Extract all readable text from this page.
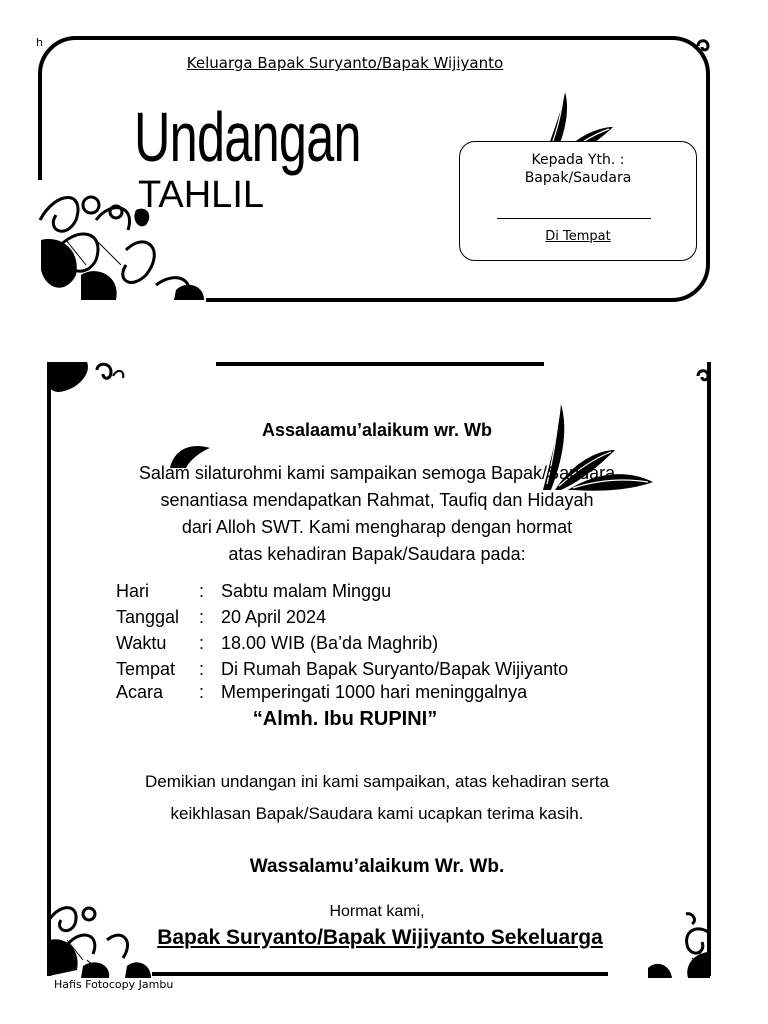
h
Keluarga Bapak Suryanto/Bapak Wijiyanto
Undangan
TAHLIL
Kepada Yth. :
Bapak/Saudara
Di Tempat
Assalaamu’alaikum wr. Wb
Salam silaturohmi kami sampaikan semoga Bapak/Saudara
senantiasa mendapatkan Rahmat, Taufiq dan Hidayah
dari Alloh SWT. Kami mengharap dengan hormat
atas kehadiran Bapak/Saudara pada:
Hari	: Sabtu malam Minggu
Tanggal : 20 April 2024
Waktu : 18.00 WIB (Ba’da Maghrib)
Tempat : Di Rumah Bapak Suryanto/Bapak Wijiyanto
Acara : Memperingati 1000 hari meninggalnya
“Almh. Ibu RUPINI”
Demikian undangan ini kami sampaikan, atas kehadiran serta
keikhlasan Bapak/Saudara kami ucapkan terima kasih.
Wassalamu’alaikum Wr. Wb.
Hormat kami,
Bapak Suryanto/Bapak Wijiyanto Sekeluarga
Hafis Fotocopy Jambu
